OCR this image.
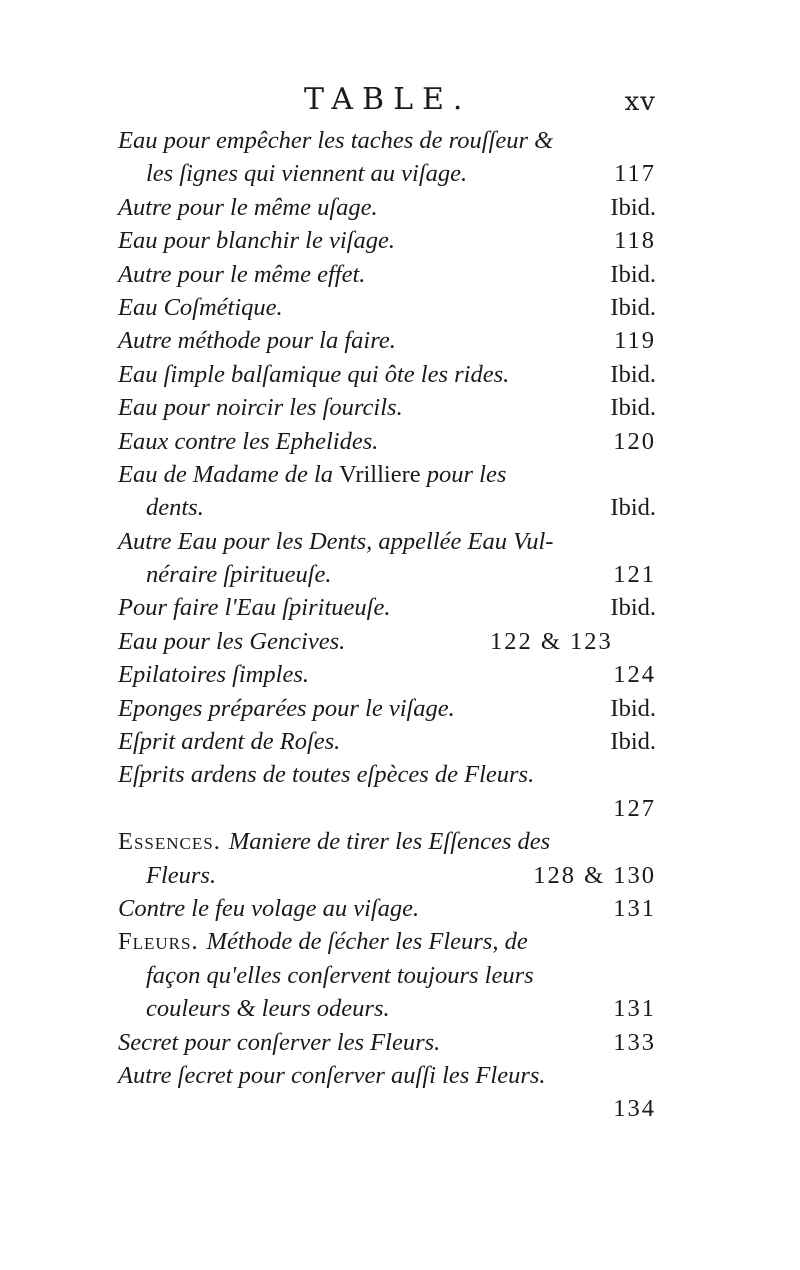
TABLE.	xv
Eau pour empêcher les taches de rouſſeur &
les ſignes qui viennent au viſage.	117
Autre pour le même uſage.	Ibid.
Eau pour blanchir le viſage.	118
Autre pour le même effet.	Ibid.
Eau Coſmétique.	Ibid.
Autre méthode pour la faire.	119
Eau ſimple balſamique qui ôte les rides.	Ibid.
Eau pour noircir les ſourcils.	Ibid.
Eaux contre les Ephelides.	120
Eau de Madame de la Vrilliere pour les
dents.	Ibid.
Autre Eau pour les Dents, appellée Eau Vul-
néraire ſpiritueuſe.	121
Pour faire l'Eau ſpiritueuſe.	Ibid.
Eau pour les Gencives.	122 & 123
Epilatoires ſimples.	124
Eponges préparées pour le viſage.	Ibid.
Eſprit ardent de Roſes.	Ibid.
Eſprits ardens de toutes eſpèces de Fleurs.
127
Essences. Maniere de tirer les Eſſences des
Fleurs.	128 & 130
Contre le feu volage au viſage.	131
Fleurs. Méthode de ſécher les Fleurs, de
façon qu'elles conſervent toujours leurs
couleurs & leurs odeurs.	131
Secret pour conſerver les Fleurs.	133
Autre ſecret pour conſerver auſſi les Fleurs.
134
